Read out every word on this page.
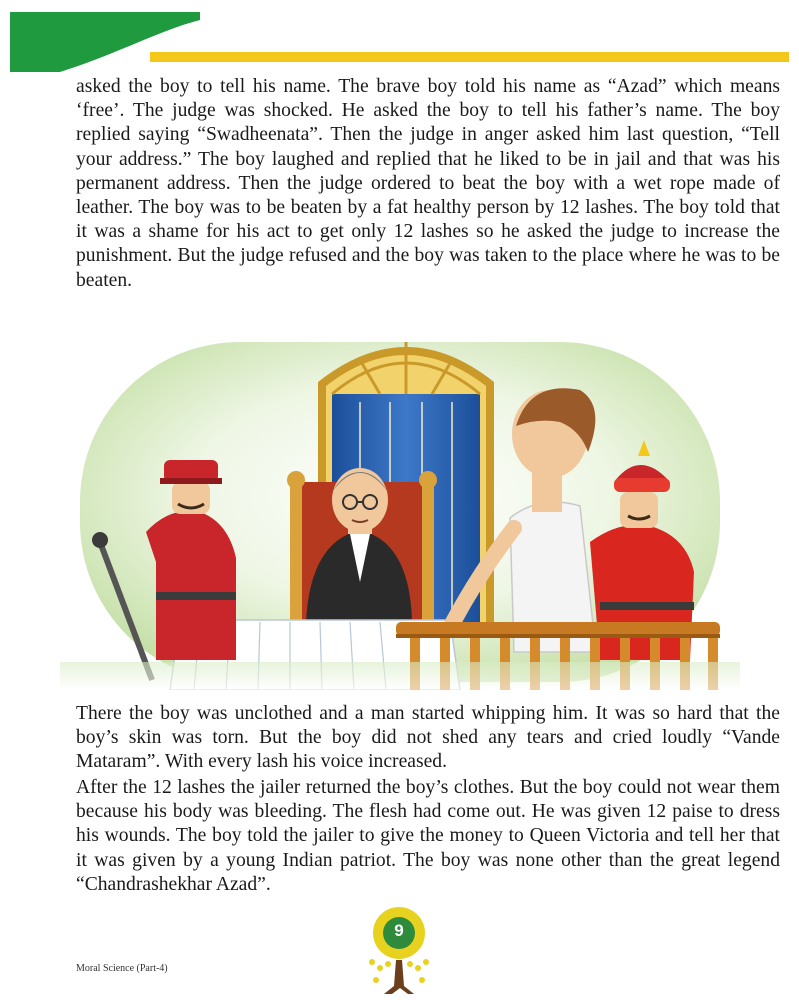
asked the boy to tell his name. The brave boy told his name as “Azad” which means ‘free’. The judge was shocked. He asked the boy to tell his father’s name. The boy replied saying “Swadheenata”. Then the judge in anger asked him last question, “Tell your address.” The boy laughed and replied that he liked to be in jail and that was his permanent address. Then the judge ordered to beat the boy with a wet rope made of leather. The boy was to be beaten by a fat healthy person by 12 lashes. The boy told that it was a shame for his act to get only 12 lashes so he asked the judge to increase the punishment. But the judge refused and the boy was taken to the place where he was to be beaten.

There the boy was unclothed and a man started whipping him. It was so hard that the boy’s skin was torn. But the boy did not shed any tears and cried loudly “Vande Mataram”. With every lash his voice increased.

After the 12 lashes the jailer returned the boy’s clothes. But the boy could not wear them because his body was bleeding. The flesh had come out. He was given 12 paise to dress his wounds. The boy told the jailer to give the money to Queen Victoria and tell her that it was given by a young Indian patriot. The boy was none other than the great legend “Chandrashekhar Azad”.

Moral Science (Part-4)
9
